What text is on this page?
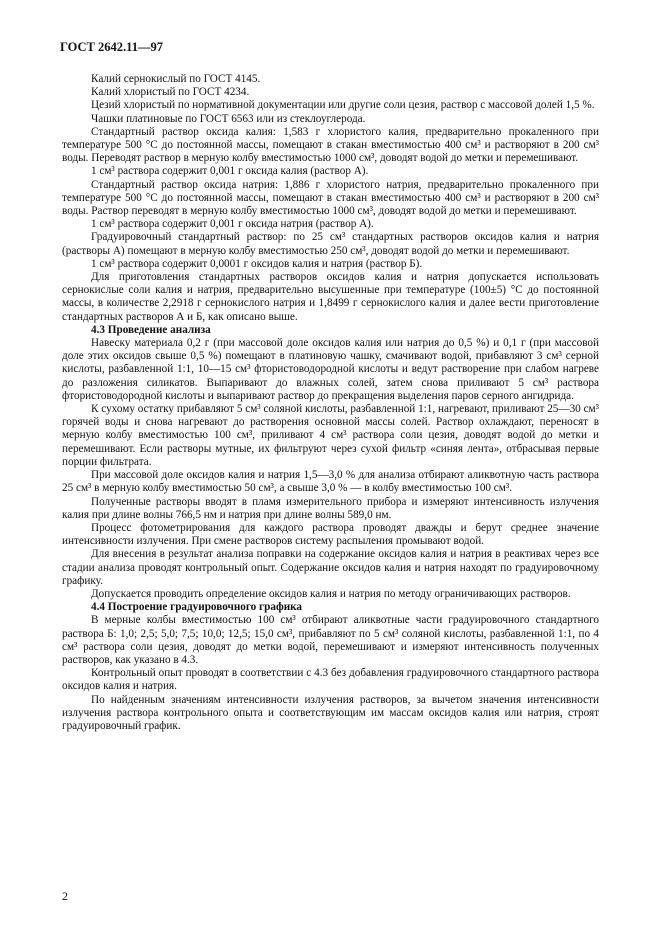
ГОСТ 2642.11—97

Калий сернокислый по ГОСТ 4145.

Калий хлористый по ГОСТ 4234.

Цезий хлористый по нормативной документации или другие соли цезия, раствор с массовой долей 1,5 %.

Чашки платиновые по ГОСТ 6563 или из стеклоуглерода.

Стандартный раствор оксида калия: 1,583 г хлористого калия, предварительно прокаленного при температуре 500 °С до постоянной массы, помещают в стакан вместимостью 400 см³ и растворяют в 200 см³ воды. Переводят раствор в мерную колбу вместимостью 1000 см³, доводят водой до метки и перемешивают.

1 см³ раствора содержит 0,001 г оксида калия (раствор А).

Стандартный раствор оксида натрия: 1,886 г хлористого натрия, предварительно прокаленного при температуре 500 °С до постоянной массы, помещают в стакан вместимостью 400 см³ и растворяют в 200 см³ воды. Раствор переводят в мерную колбу вместимостью 1000 см³, доводят водой до метки и перемешивают.

1 см³ раствора содержит 0,001 г оксида натрия (раствор А).

Градуировочный стандартный раствор: по 25 см³ стандартных растворов оксидов калия и натрия (растворы А) помещают в мерную колбу вместимостью 250 см³, доводят водой до метки и перемешивают.

1 см³ раствора содержит 0,0001 г оксидов калия и натрия (раствор Б).

Для приготовления стандартных растворов оксидов калия и натрия допускается использовать сернокислые соли калия и натрия, предварительно высушенные при температуре (100±5) °С до постоянной массы, в количестве 2,2918 г сернокислого натрия и 1,8499 г сернокислого калия и далее вести приготовление стандартных растворов А и Б, как описано выше.

4.3 Проведение анализа

Навеску материала 0,2 г (при массовой доле оксидов калия или натрия до 0,5 %) и 0,1 г (при массовой доле этих оксидов свыше 0,5 %) помещают в платиновую чашку, смачивают водой, прибавляют 3 см³ серной кислоты, разбавленной 1:1, 10—15 см³ фтористоводородной кислоты и ведут растворение при слабом нагреве до разложения силикатов. Выпаривают до влажных солей, затем снова приливают 5 см³ раствора фтористоводородной кислоты и выпаривают раствор до прекращения выделения паров серного ангидрида.

К сухому остатку прибавляют 5 см³ соляной кислоты, разбавленной 1:1, нагревают, приливают 25—30 см³ горячей воды и снова нагревают до растворения основной массы солей. Раствор охлаждают, переносят в мерную колбу вместимостью 100 см³, приливают 4 см³ раствора соли цезия, доводят водой до метки и перемешивают. Если растворы мутные, их фильтруют через сухой фильтр «синяя лента», отбрасывая первые порции фильтрата.

При массовой доле оксидов калия и натрия 1,5—3,0 % для анализа отбирают аликвотную часть раствора 25 см³ в мерную колбу вместимостью 50 см³, а свыше 3,0 % — в колбу вместимостью 100 см³.

Полученные растворы вводят в пламя измерительного прибора и измеряют интенсивность излучения калия при длине волны 766,5 нм и натрия при длине волны 589,0 нм.

Процесс фотометрирования для каждого раствора проводят дважды и берут среднее значение интенсивности излучения. При смене растворов систему распыления промывают водой.

Для внесения в результат анализа поправки на содержание оксидов калия и натрия в реактивах через все стадии анализа проводят контрольный опыт. Содержание оксидов калия и натрия находят по градуировочному графику.

Допускается проводить определение оксидов калия и натрия по методу ограничивающих растворов.

4.4 Построение градуировочного графика

В мерные колбы вместимостью 100 см³ отбирают аликвотные части градуировочного стандартного раствора Б: 1,0; 2,5; 5,0; 7,5; 10,0; 12,5; 15,0 см³, прибавляют по 5 см³ соляной кислоты, разбавленной 1:1, по 4 см³ раствора соли цезия, доводят до метки водой, перемешивают и измеряют интенсивность полученных растворов, как указано в 4.3.

Контрольный опыт проводят в соответствии с 4.3 без добавления градуировочного стандартного раствора оксидов калия и натрия.

По найденным значениям интенсивности излучения растворов, за вычетом значения интенсивности излучения раствора контрольного опыта и соответствующим им массам оксидов калия или натрия, строят градуировочный график.

2
